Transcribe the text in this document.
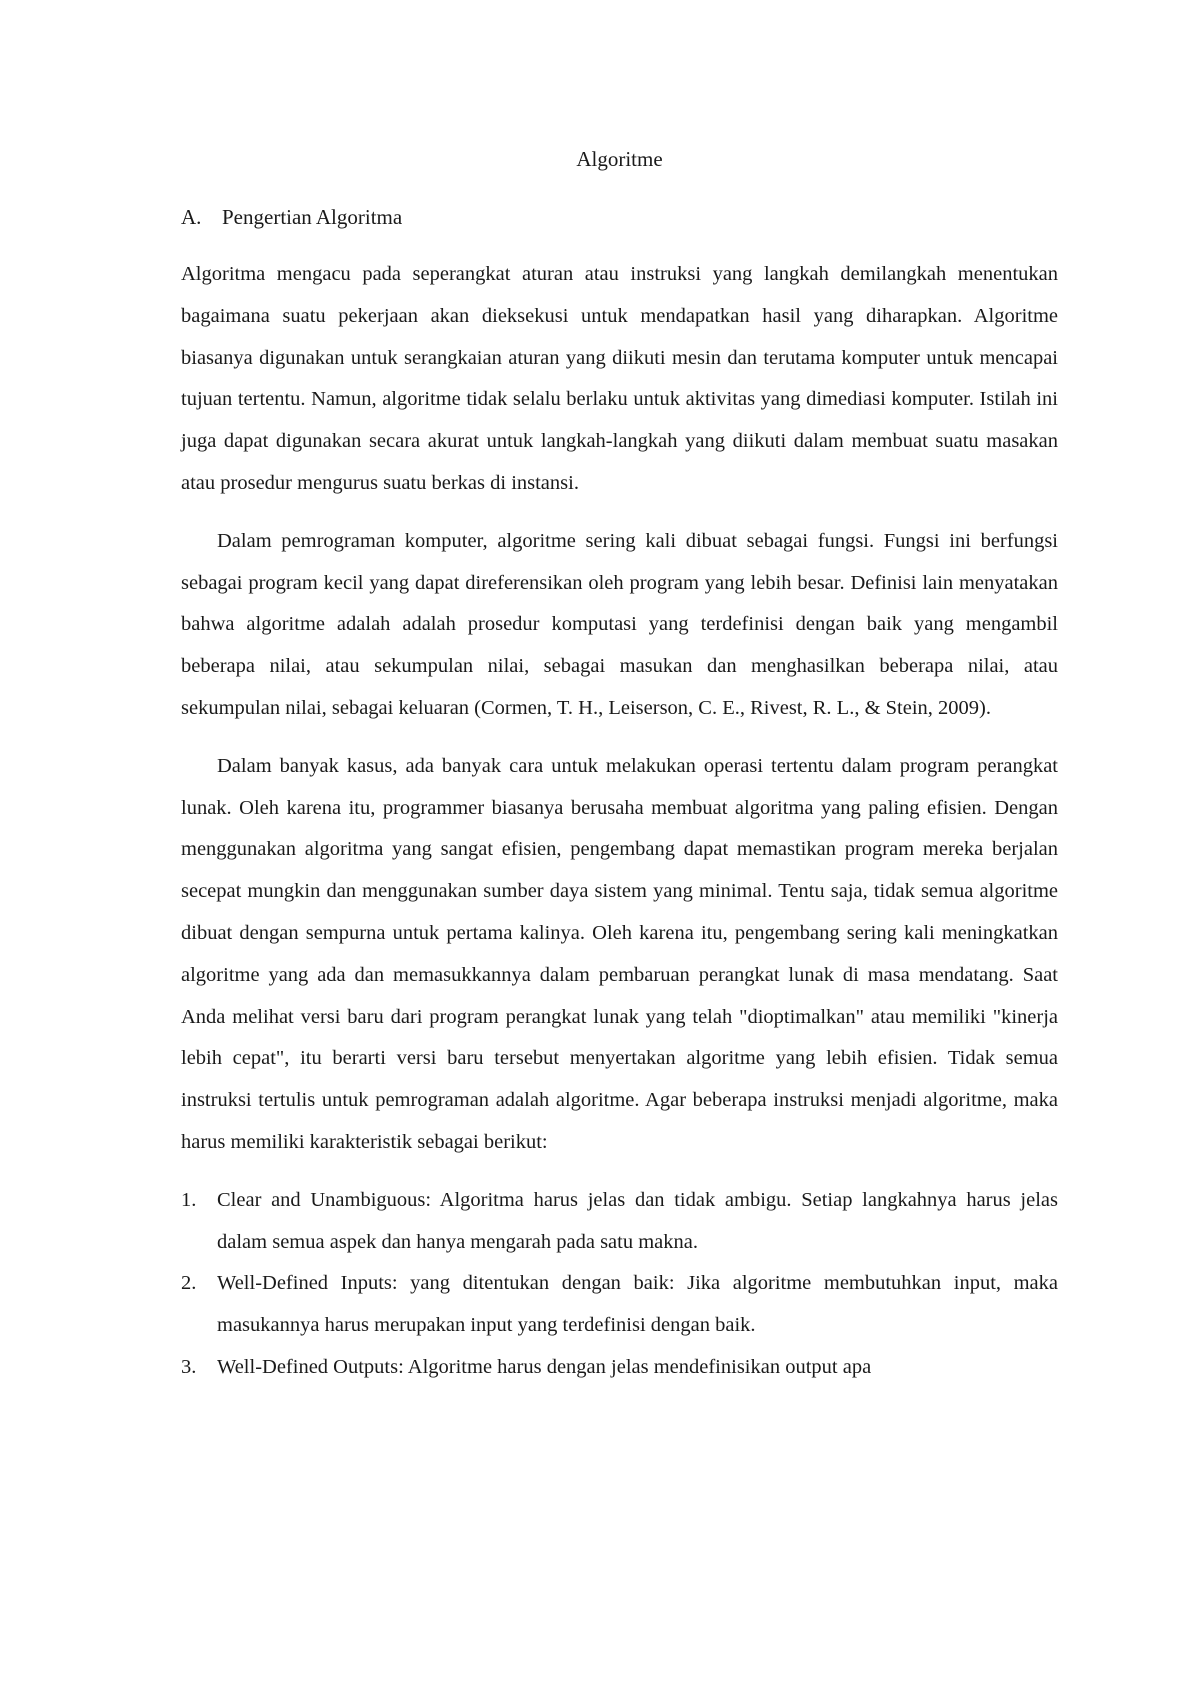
Algoritme
A. Pengertian Algoritma

Algoritma mengacu pada seperangkat aturan atau instruksi yang langkah demilangkah menentukan bagaimana suatu pekerjaan akan dieksekusi untuk mendapatkan hasil yang diharapkan. Algoritme biasanya digunakan untuk serangkaian aturan yang diikuti mesin dan terutama komputer untuk mencapai tujuan tertentu. Namun, algoritme tidak selalu berlaku untuk aktivitas yang dimediasi komputer. Istilah ini juga dapat digunakan secara akurat untuk langkah-langkah yang diikuti dalam membuat suatu masakan atau prosedur mengurus suatu berkas di instansi.

Dalam pemrograman komputer, algoritme sering kali dibuat sebagai fungsi. Fungsi ini berfungsi sebagai program kecil yang dapat direferensikan oleh program yang lebih besar. Definisi lain menyatakan bahwa algoritme adalah adalah prosedur komputasi yang terdefinisi dengan baik yang mengambil beberapa nilai, atau sekumpulan nilai, sebagai masukan dan menghasilkan beberapa nilai, atau sekumpulan nilai, sebagai keluaran (Cormen, T. H., Leiserson, C. E., Rivest, R. L., & Stein, 2009).

Dalam banyak kasus, ada banyak cara untuk melakukan operasi tertentu dalam program perangkat lunak. Oleh karena itu, programmer biasanya berusaha membuat algoritma yang paling efisien. Dengan menggunakan algoritma yang sangat efisien, pengembang dapat memastikan program mereka berjalan secepat mungkin dan menggunakan sumber daya sistem yang minimal. Tentu saja, tidak semua algoritme dibuat dengan sempurna untuk pertama kalinya. Oleh karena itu, pengembang sering kali meningkatkan algoritme yang ada dan memasukkannya dalam pembaruan perangkat lunak di masa mendatang. Saat Anda melihat versi baru dari program perangkat lunak yang telah "dioptimalkan" atau memiliki "kinerja lebih cepat", itu berarti versi baru tersebut menyertakan algoritme yang lebih efisien. Tidak semua instruksi tertulis untuk pemrograman adalah algoritme. Agar beberapa instruksi menjadi algoritme, maka harus memiliki karakteristik sebagai berikut:

1.	Clear and Unambiguous: Algoritma harus jelas dan tidak ambigu. Setiap langkahnya harus jelas dalam semua aspek dan hanya mengarah pada satu makna.
2.	Well-Defined Inputs: yang ditentukan dengan baik: Jika algoritme membutuhkan input, maka masukannya harus merupakan input yang terdefinisi dengan baik.
3.	Well-Defined Outputs: Algoritme harus dengan jelas mendefinisikan output apa
